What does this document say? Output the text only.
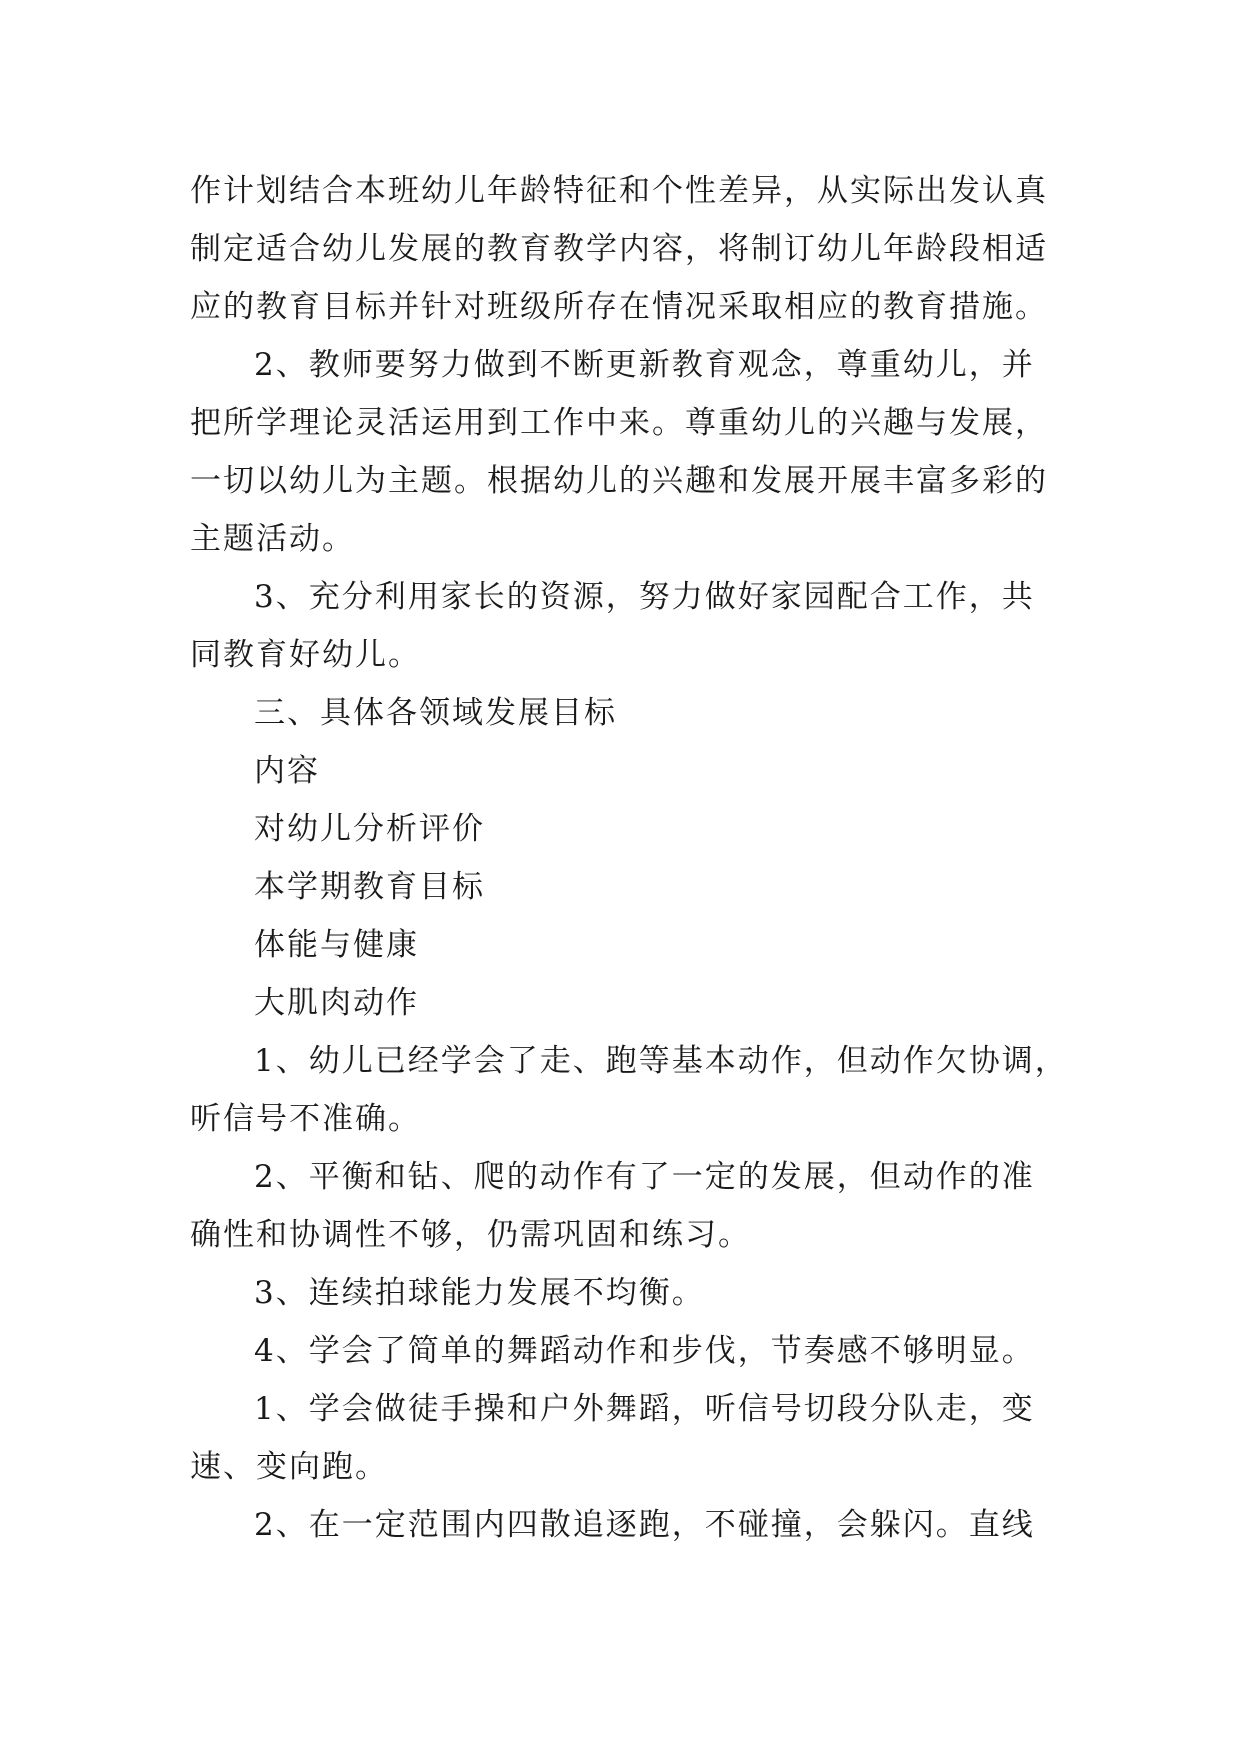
作计划结合本班幼儿年龄特征和个性差异，从实际出发认真
制定适合幼儿发展的教育教学内容，将制订幼儿年龄段相适
应的教育目标并针对班级所存在情况采取相应的教育措施。
2、教师要努力做到不断更新教育观念，尊重幼儿，并
把所学理论灵活运用到工作中来。尊重幼儿的兴趣与发展，
一切以幼儿为主题。根据幼儿的兴趣和发展开展丰富多彩的
主题活动。
3、充分利用家长的资源，努力做好家园配合工作，共
同教育好幼儿。
三、具体各领域发展目标
内容
对幼儿分析评价
本学期教育目标
体能与健康
大肌肉动作
1、幼儿已经学会了走、跑等基本动作，但动作欠协调，
听信号不准确。
2、平衡和钻、爬的动作有了一定的发展，但动作的准
确性和协调性不够，仍需巩固和练习。
3、连续拍球能力发展不均衡。
4、学会了简单的舞蹈动作和步伐，节奏感不够明显。
1、学会做徒手操和户外舞蹈，听信号切段分队走，变
速、变向跑。
2、在一定范围内四散追逐跑，不碰撞，会躲闪。直线
